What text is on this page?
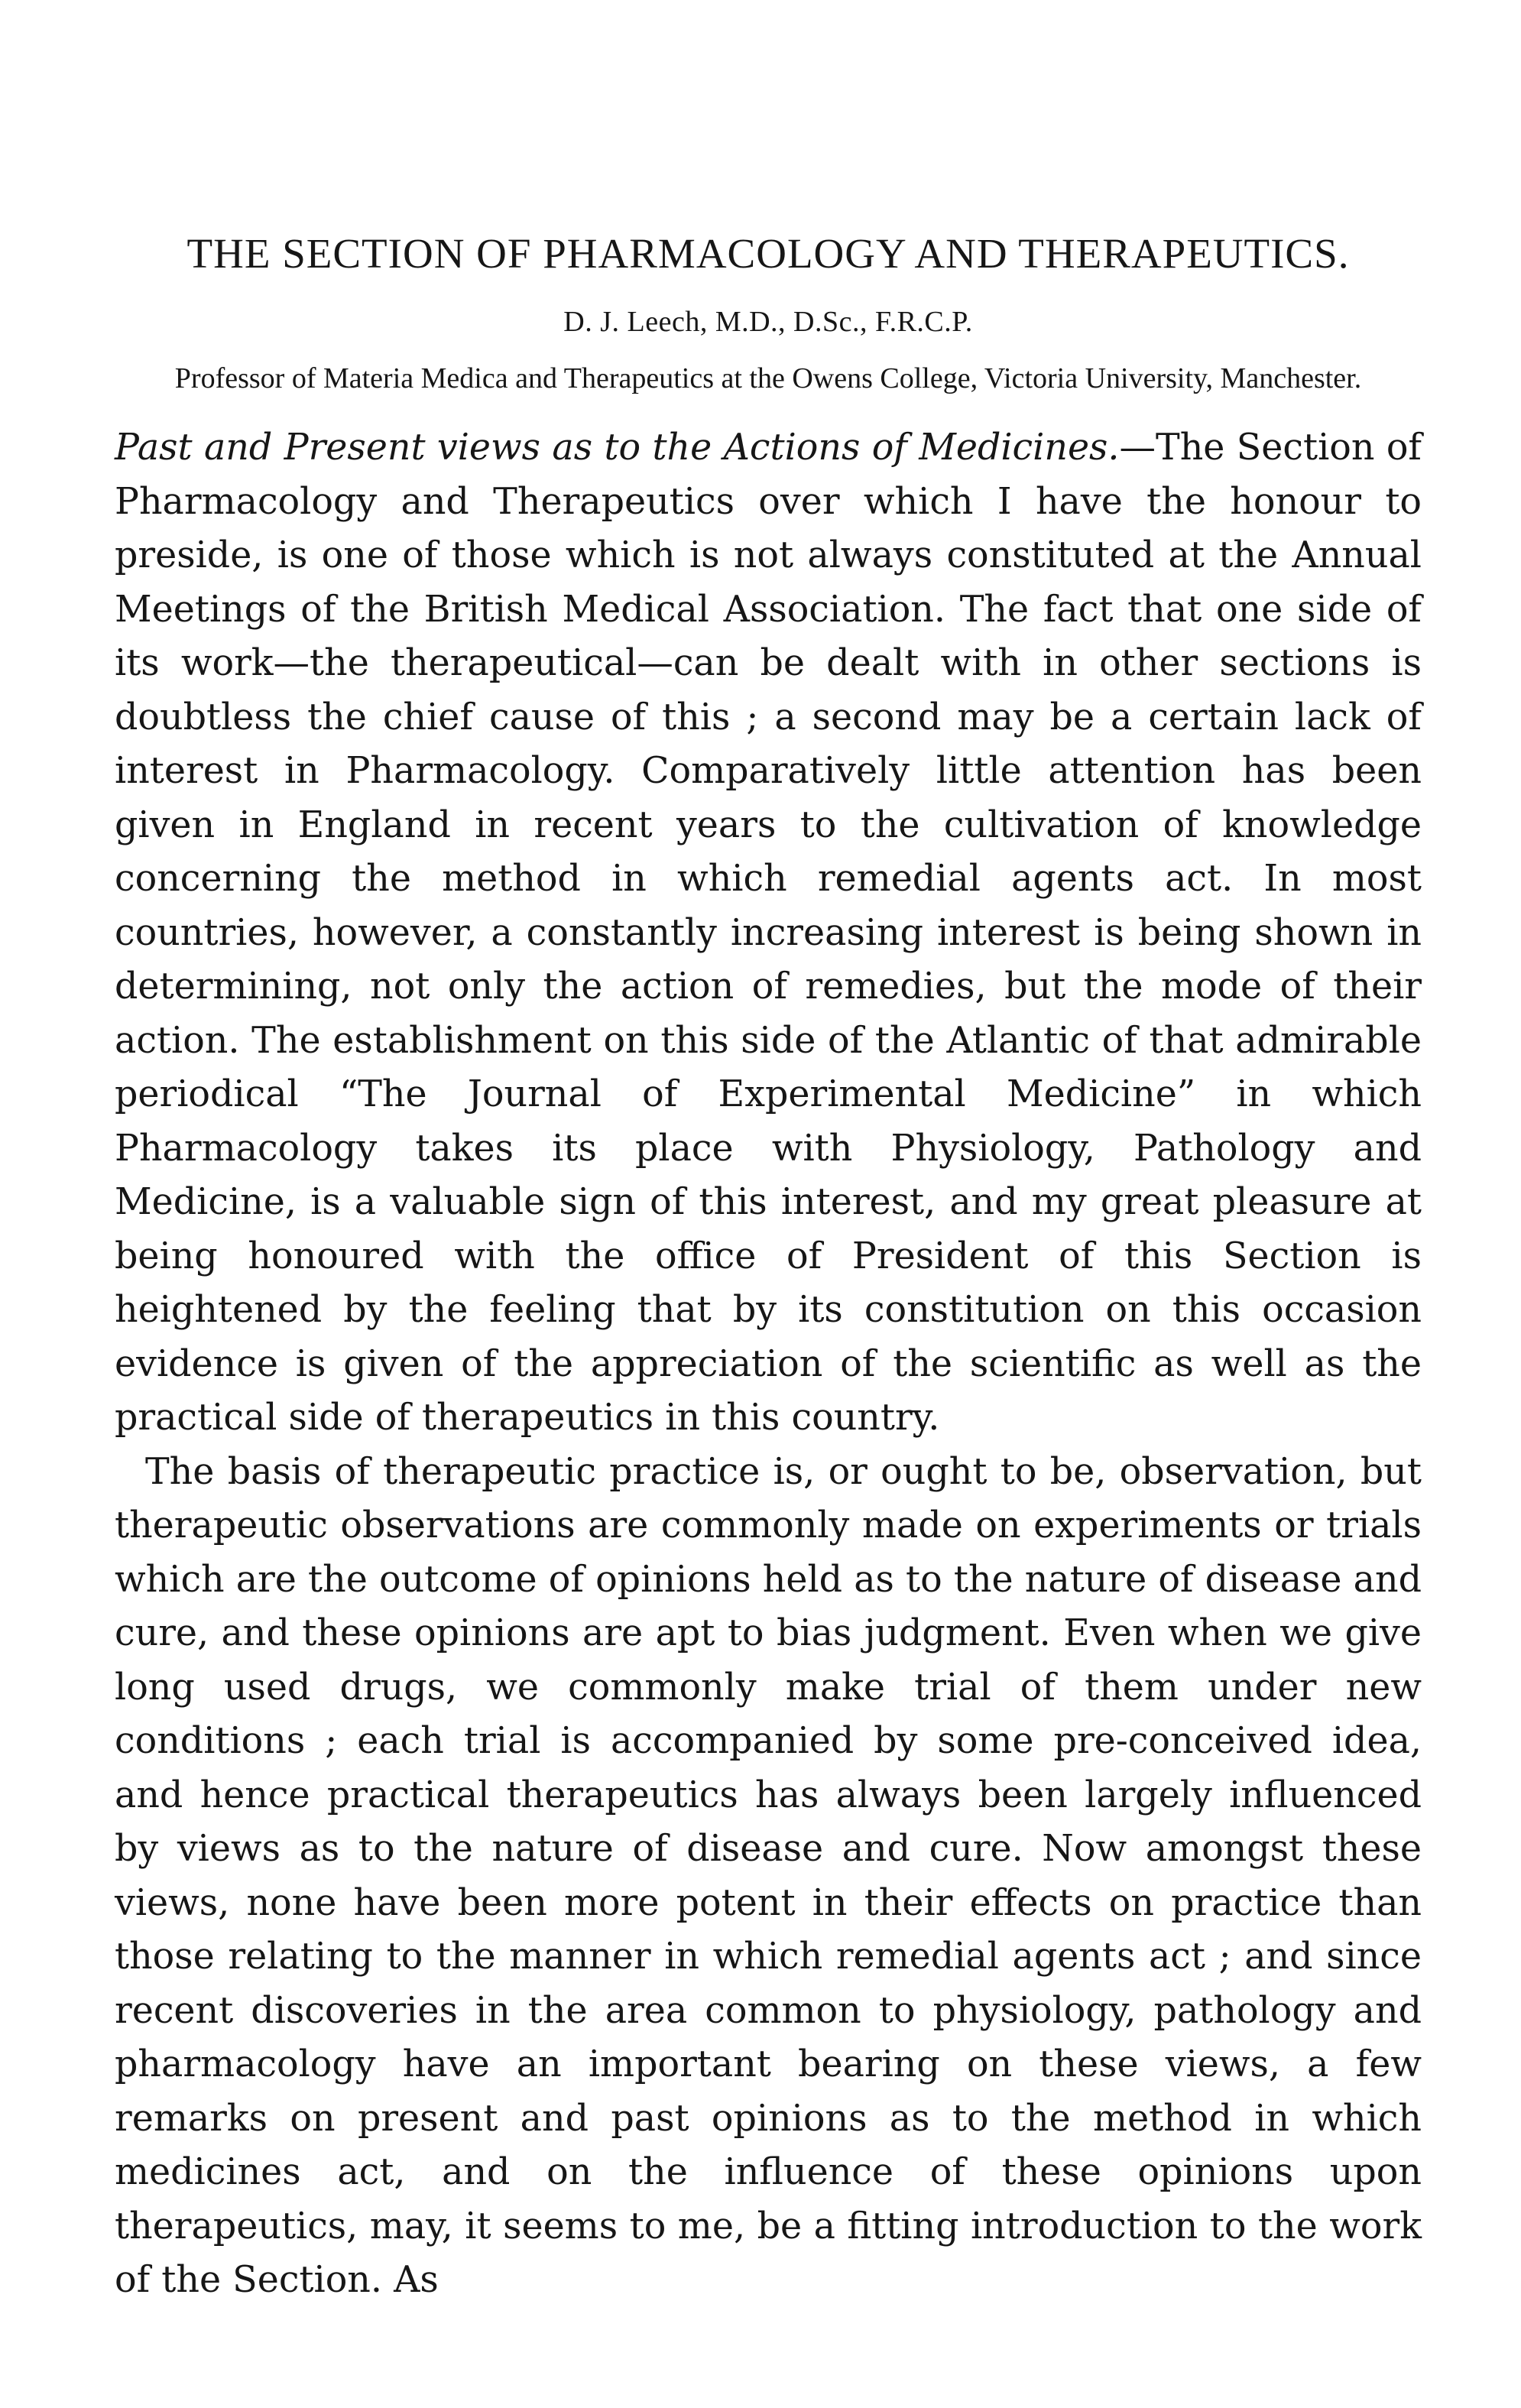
THE SECTION OF PHARMACOLOGY AND THERAPEUTICS.
D. J. Leech, M.D., D.Sc., F.R.C.P.
Professor of Materia Medica and Therapeutics at the Owens College, Victoria University, Manchester.

Past and Present views as to the Actions of Medicines.—The Section of Pharmacology and Therapeutics over which I have the honour to preside, is one of those which is not always constituted at the Annual Meetings of the British Medical Association. The fact that one side of its work—the therapeutical—can be dealt with in other sections is doubtless the chief cause of this ; a second may be a certain lack of interest in Pharmacology. Comparatively little attention has been given in England in recent years to the cultivation of knowledge concerning the method in which remedial agents act. In most countries, however, a constantly increasing interest is being shown in determining, not only the action of remedies, but the mode of their action. The establishment on this side of the Atlantic of that admirable periodical “The Journal of Experimental Medicine” in which Pharmacology takes its place with Physiology, Pathology and Medicine, is a valuable sign of this interest, and my great pleasure at being honoured with the office of President of this Section is heightened by the feeling that by its constitution on this occasion evidence is given of the appreciation of the scientific as well as the practical side of therapeutics in this country.

The basis of therapeutic practice is, or ought to be, observation, but therapeutic observations are commonly made on experiments or trials which are the outcome of opinions held as to the nature of disease and cure, and these opinions are apt to bias judgment. Even when we give long used drugs, we commonly make trial of them under new conditions ; each trial is accompanied by some pre-conceived idea, and hence practical therapeutics has always been largely influenced by views as to the nature of disease and cure. Now amongst these views, none have been more potent in their effects on practice than those relating to the manner in which remedial agents act ; and since recent discoveries in the area common to physiology, pathology and pharmacology have an important bearing on these views, a few remarks on present and past opinions as to the method in which medicines act, and on the influence of these opinions upon therapeutics, may, it seems to me, be a fitting introduction to the work of the Section. As
